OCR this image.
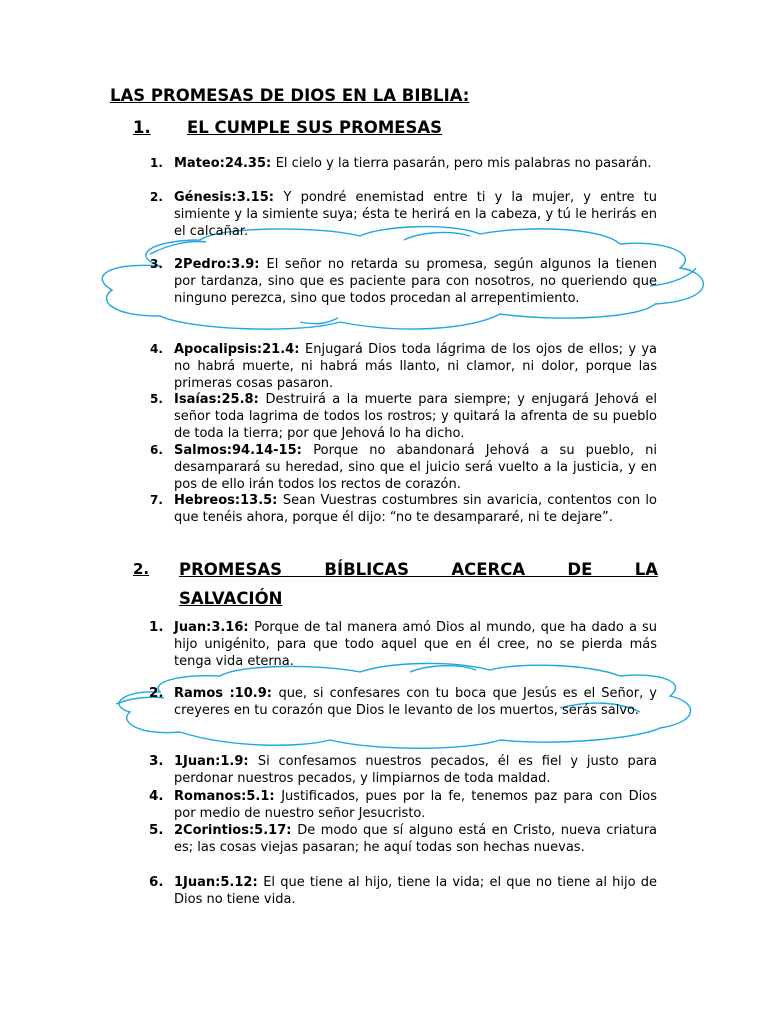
LAS PROMESAS DE DIOS EN LA BIBLIA:
1. EL CUMPLE SUS PROMESAS
1. Mateo:24.35: El cielo y la tierra pasarán, pero mis palabras no pasarán.
2. Génesis:3.15: Y pondré enemistad entre ti y la mujer, y entre tu simiente y la simiente suya; ésta te herirá en la cabeza, y tú le herirás en el calcañar.
3. 2Pedro:3.9: El señor no retarda su promesa, según algunos la tienen por tardanza, sino que es paciente para con nosotros, no queriendo que ninguno perezca, sino que todos procedan al arrepentimiento.
4. Apocalipsis:21.4: Enjugará Dios toda lágrima de los ojos de ellos; y ya no habrá muerte, ni habrá más llanto, ni clamor, ni dolor, porque las primeras cosas pasaron.
5. Isaías:25.8: Destruirá a la muerte para siempre; y enjugará Jehová el señor toda lagrima de todos los rostros; y quitará la afrenta de su pueblo de toda la tierra; por que Jehová lo ha dicho.
6. Salmos:94.14-15: Porque no abandonará Jehová a su pueblo, ni desamparará su heredad, sino que el juicio será vuelto a la justicia, y en pos de ello irán todos los rectos de corazón.
7. Hebreos:13.5: Sean Vuestras costumbres sin avaricia, contentos con lo que tenéis ahora, porque él dijo: “no te desampararé, ni te dejare”.
2. PROMESAS BÍBLICAS ACERCA DE LA
SALVACIÓN
1. Juan:3.16: Porque de tal manera amó Dios al mundo, que ha dado a su hijo unigénito, para que todo aquel que en él cree, no se pierda más tenga vida eterna.
2. Ramos :10.9: que, si confesares con tu boca que Jesús es el Señor, y creyeres en tu corazón que Dios le levanto de los muertos, serás salvo.
3. 1Juan:1.9: Si confesamos nuestros pecados, él es fiel y justo para perdonar nuestros pecados, y limpiarnos de toda maldad.
4. Romanos:5.1: Justificados, pues por la fe, tenemos paz para con Dios por medio de nuestro señor Jesucristo.
5. 2Corintios:5.17: De modo que sí alguno está en Cristo, nueva criatura es; las cosas viejas pasaran; he aquí todas son hechas nuevas.
6. 1Juan:5.12: El que tiene al hijo, tiene la vida; el que no tiene al hijo de Dios no tiene vida.
